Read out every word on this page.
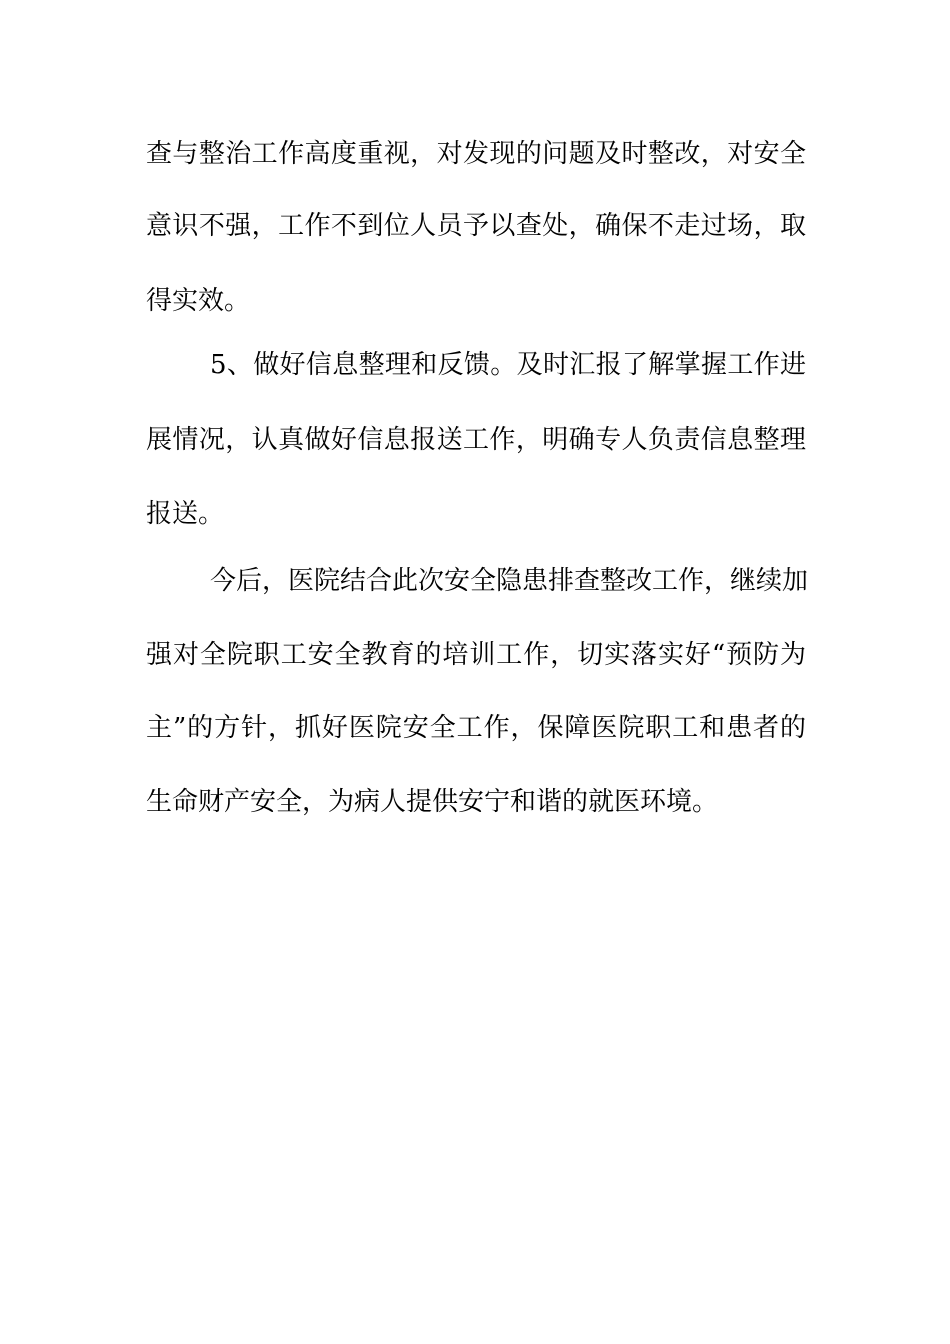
查与整治工作高度重视，对发现的问题及时整改，对安全
意识不强，工作不到位人员予以查处，确保不走过场，取
得实效。
5、做好信息整理和反馈。及时汇报了解掌握工作进
展情况，认真做好信息报送工作，明确专人负责信息整理
报送。
今后，医院结合此次安全隐患排查整改工作，继续加
强对全院职工安全教育的培训工作，切实落实好“预防为
主”的方针，抓好医院安全工作，保障医院职工和患者的
生命财产安全，为病人提供安宁和谐的就医环境。
